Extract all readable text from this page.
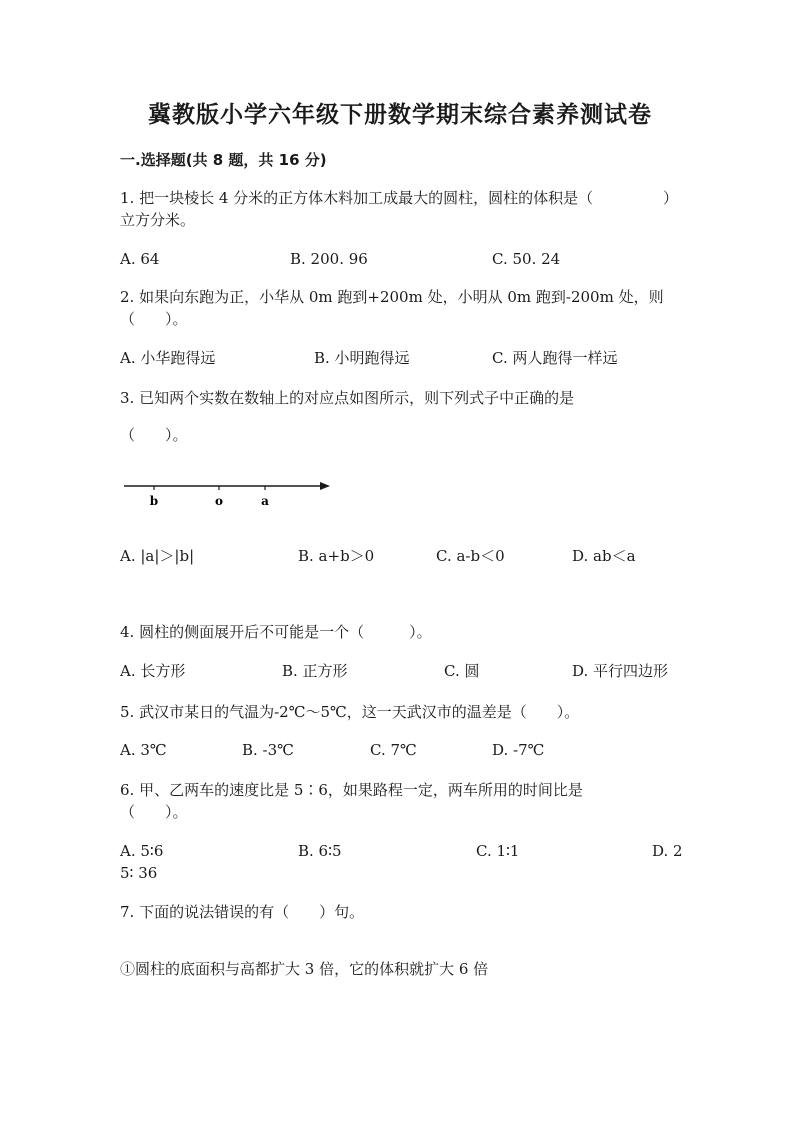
冀教版小学六年级下册数学期末综合素养测试卷
一.选择题(共 8 题，共 16 分)
1. 把一块棱长 4 分米的正方体木料加工成最大的圆柱，圆柱的体积是（	）
立方分米。
A. 64	B. 200. 96	C. 50. 24
2. 如果向东跑为正，小华从 0m 跑到+200m 处，小明从 0m 跑到-200m 处，则
（　　）。
A. 小华跑得远	B. 小明跑得远	C. 两人跑得一样远
3. 已知两个实数在数轴上的对应点如图所示，则下列式子中正确的是
（　　）。
b	o	a
A. |a|＞|b|	B. a+b＞0	C. a-b＜0	D. ab＜a
4. 圆柱的侧面展开后不可能是一个（　　　）。
A. 长方形	B. 正方形	C. 圆	D. 平行四边形
5. 武汉市某日的气温为-2℃～5℃，这一天武汉市的温差是（　　）。
A. 3℃	B. -3℃	C. 7℃	D. -7℃
6. 甲、乙两车的速度比是 5∶6，如果路程一定，两车所用的时间比是
（　　）。
A. 5∶6	B. 6∶5	C. 1∶1	D. 2
5∶ 36
7. 下面的说法错误的有（　　）句。
①圆柱的底面积与高都扩大 3 倍，它的体积就扩大 6 倍
